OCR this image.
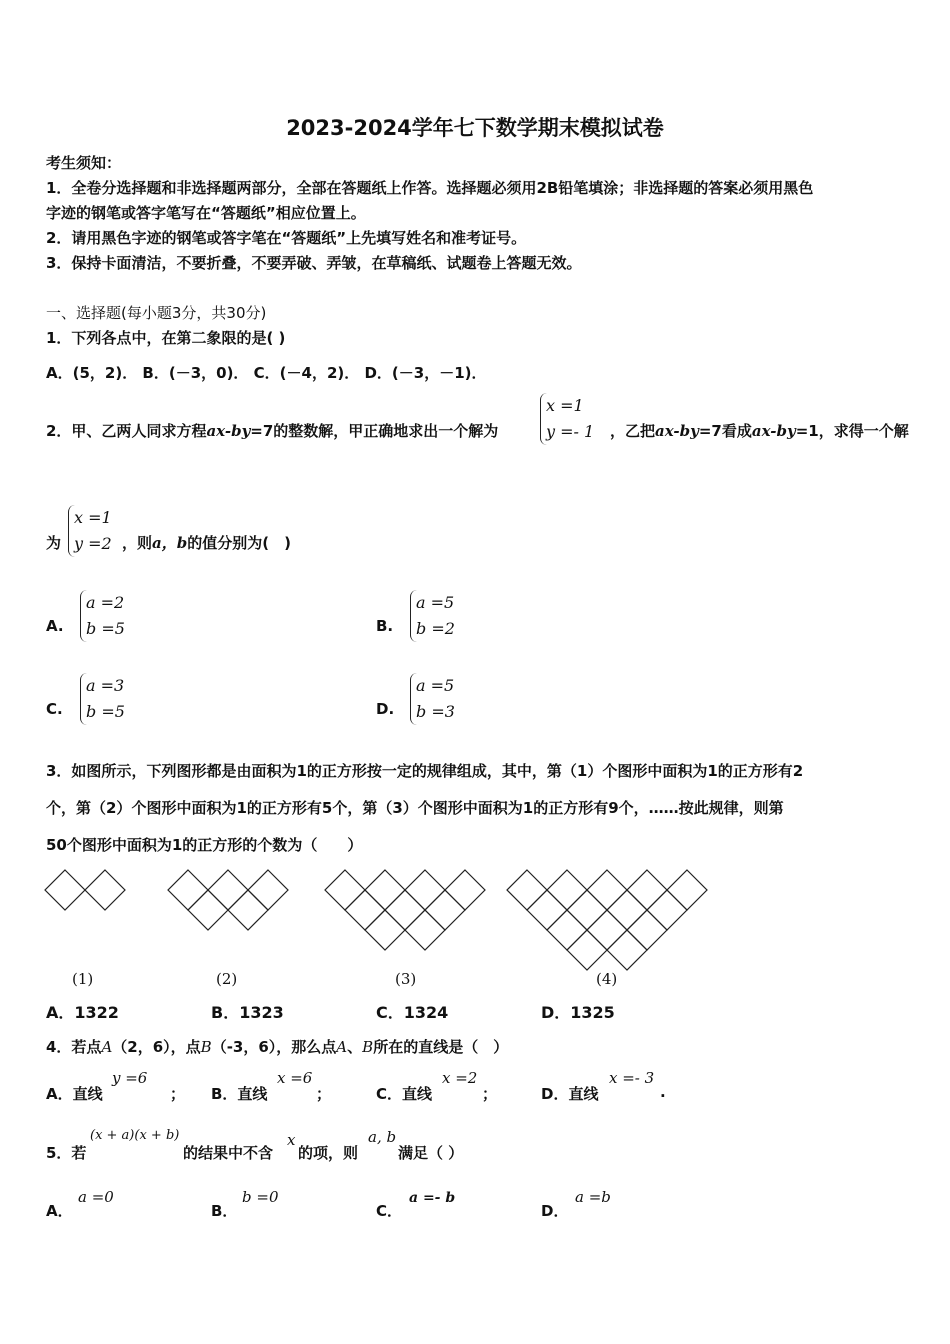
2023-2024学年七下数学期末模拟试卷
考生须知：
1．全卷分选择题和非选择题两部分，全部在答题纸上作答。选择题必须用2B铅笔填涂；非选择题的答案必须用黑色
字迹的钢笔或答字笔写在“答题纸”相应位置上。
2．请用黑色字迹的钢笔或答字笔在“答题纸”上先填写姓名和准考证号。
3．保持卡面清洁，不要折叠，不要弄破、弄皱，在草稿纸、试题卷上答题无效。
一、选择题(每小题3分，共30分)
1．下列各点中，在第二象限的是( )
A．(5，2)． B．(－3，0)． C．(－4，2)． D．(－3，－1)．
2．甲、乙两人同求方程ax-by=7的整数解，甲正确地求出一个解为
x =1
y =- 1 ，乙把ax-by=7看成ax-by=1，求得一个解
为
x =1
y =2 ，则a，b的值分别为(　)
A.
a =2
b =5	B.
a =5
b =2
C.
a =3
b =5	D.
a =5
b =3
3．如图所示，下列图形都是由面积为1的正方形按一定的规律组成，其中，第（1）个图形中面积为1的正方形有2
个，第（2）个图形中面积为1的正方形有5个，第（3）个图形中面积为1的正方形有9个，……按此规律，则第
50个图形中面积为1的正方形的个数为（　　）
(1)	(2)	(3)	(4)
A．1322	B．1323	C．1324	D．1325
4．若点A（2，6），点B（-3，6），那么点A、B所在的直线是（　）
A．直线
y =6
； B．直线
x =6
；	C．直线
x =2
；	D．直线
x =- 3
.
5．若
(x + a)(x + b)
的结果中不含
x
的项，则
a, b
满足（ ）
A．
a =0
B．
b =0
C．
a =- b
D．
a =b
